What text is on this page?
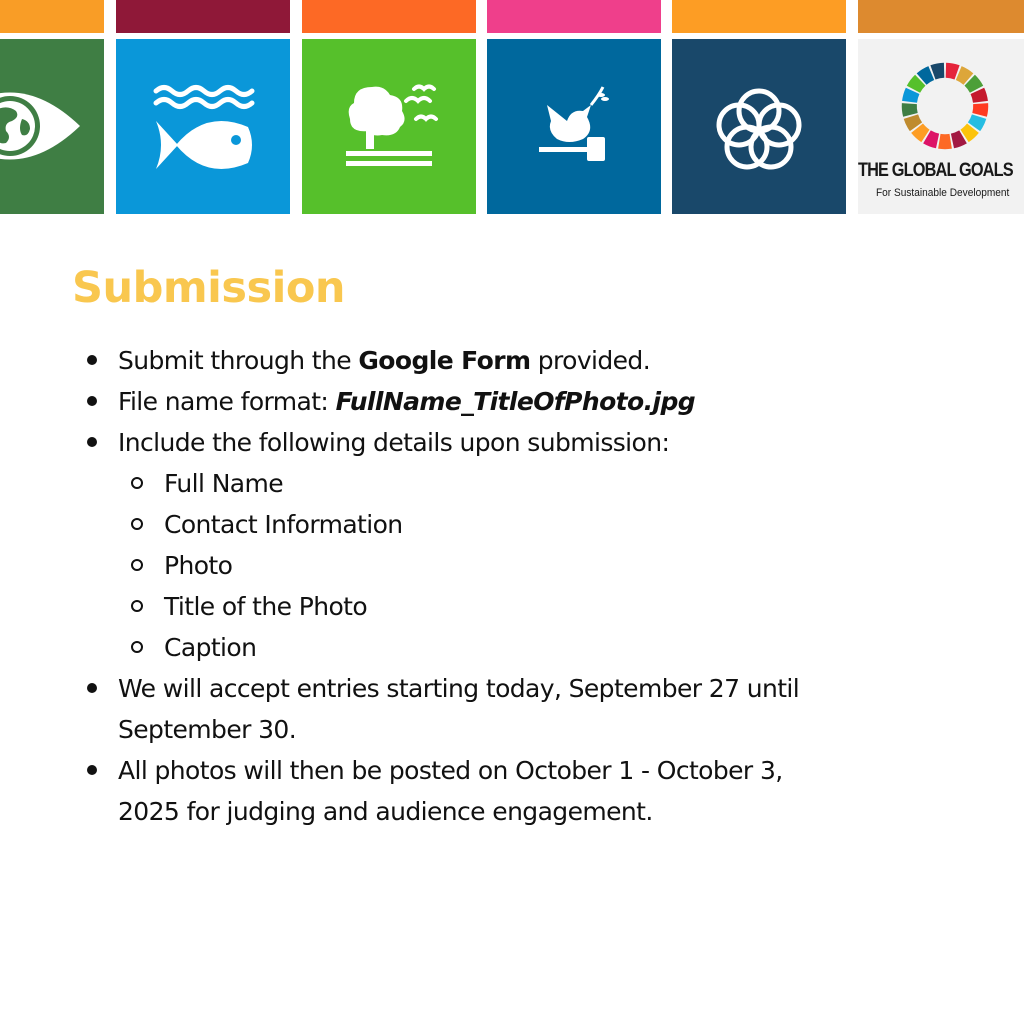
THE GLOBAL GOALS
For Sustainable Development
Submission
Submit through the Google Form provided.
File name format: FullName_TitleOfPhoto.jpg
Include the following details upon submission:
Full Name
Contact Information
Photo
Title of the Photo
Caption
We will accept entries starting today, September 27 until
September 30.
All photos will then be posted on October 1 - October 3,
2025 for judging and audience engagement.
